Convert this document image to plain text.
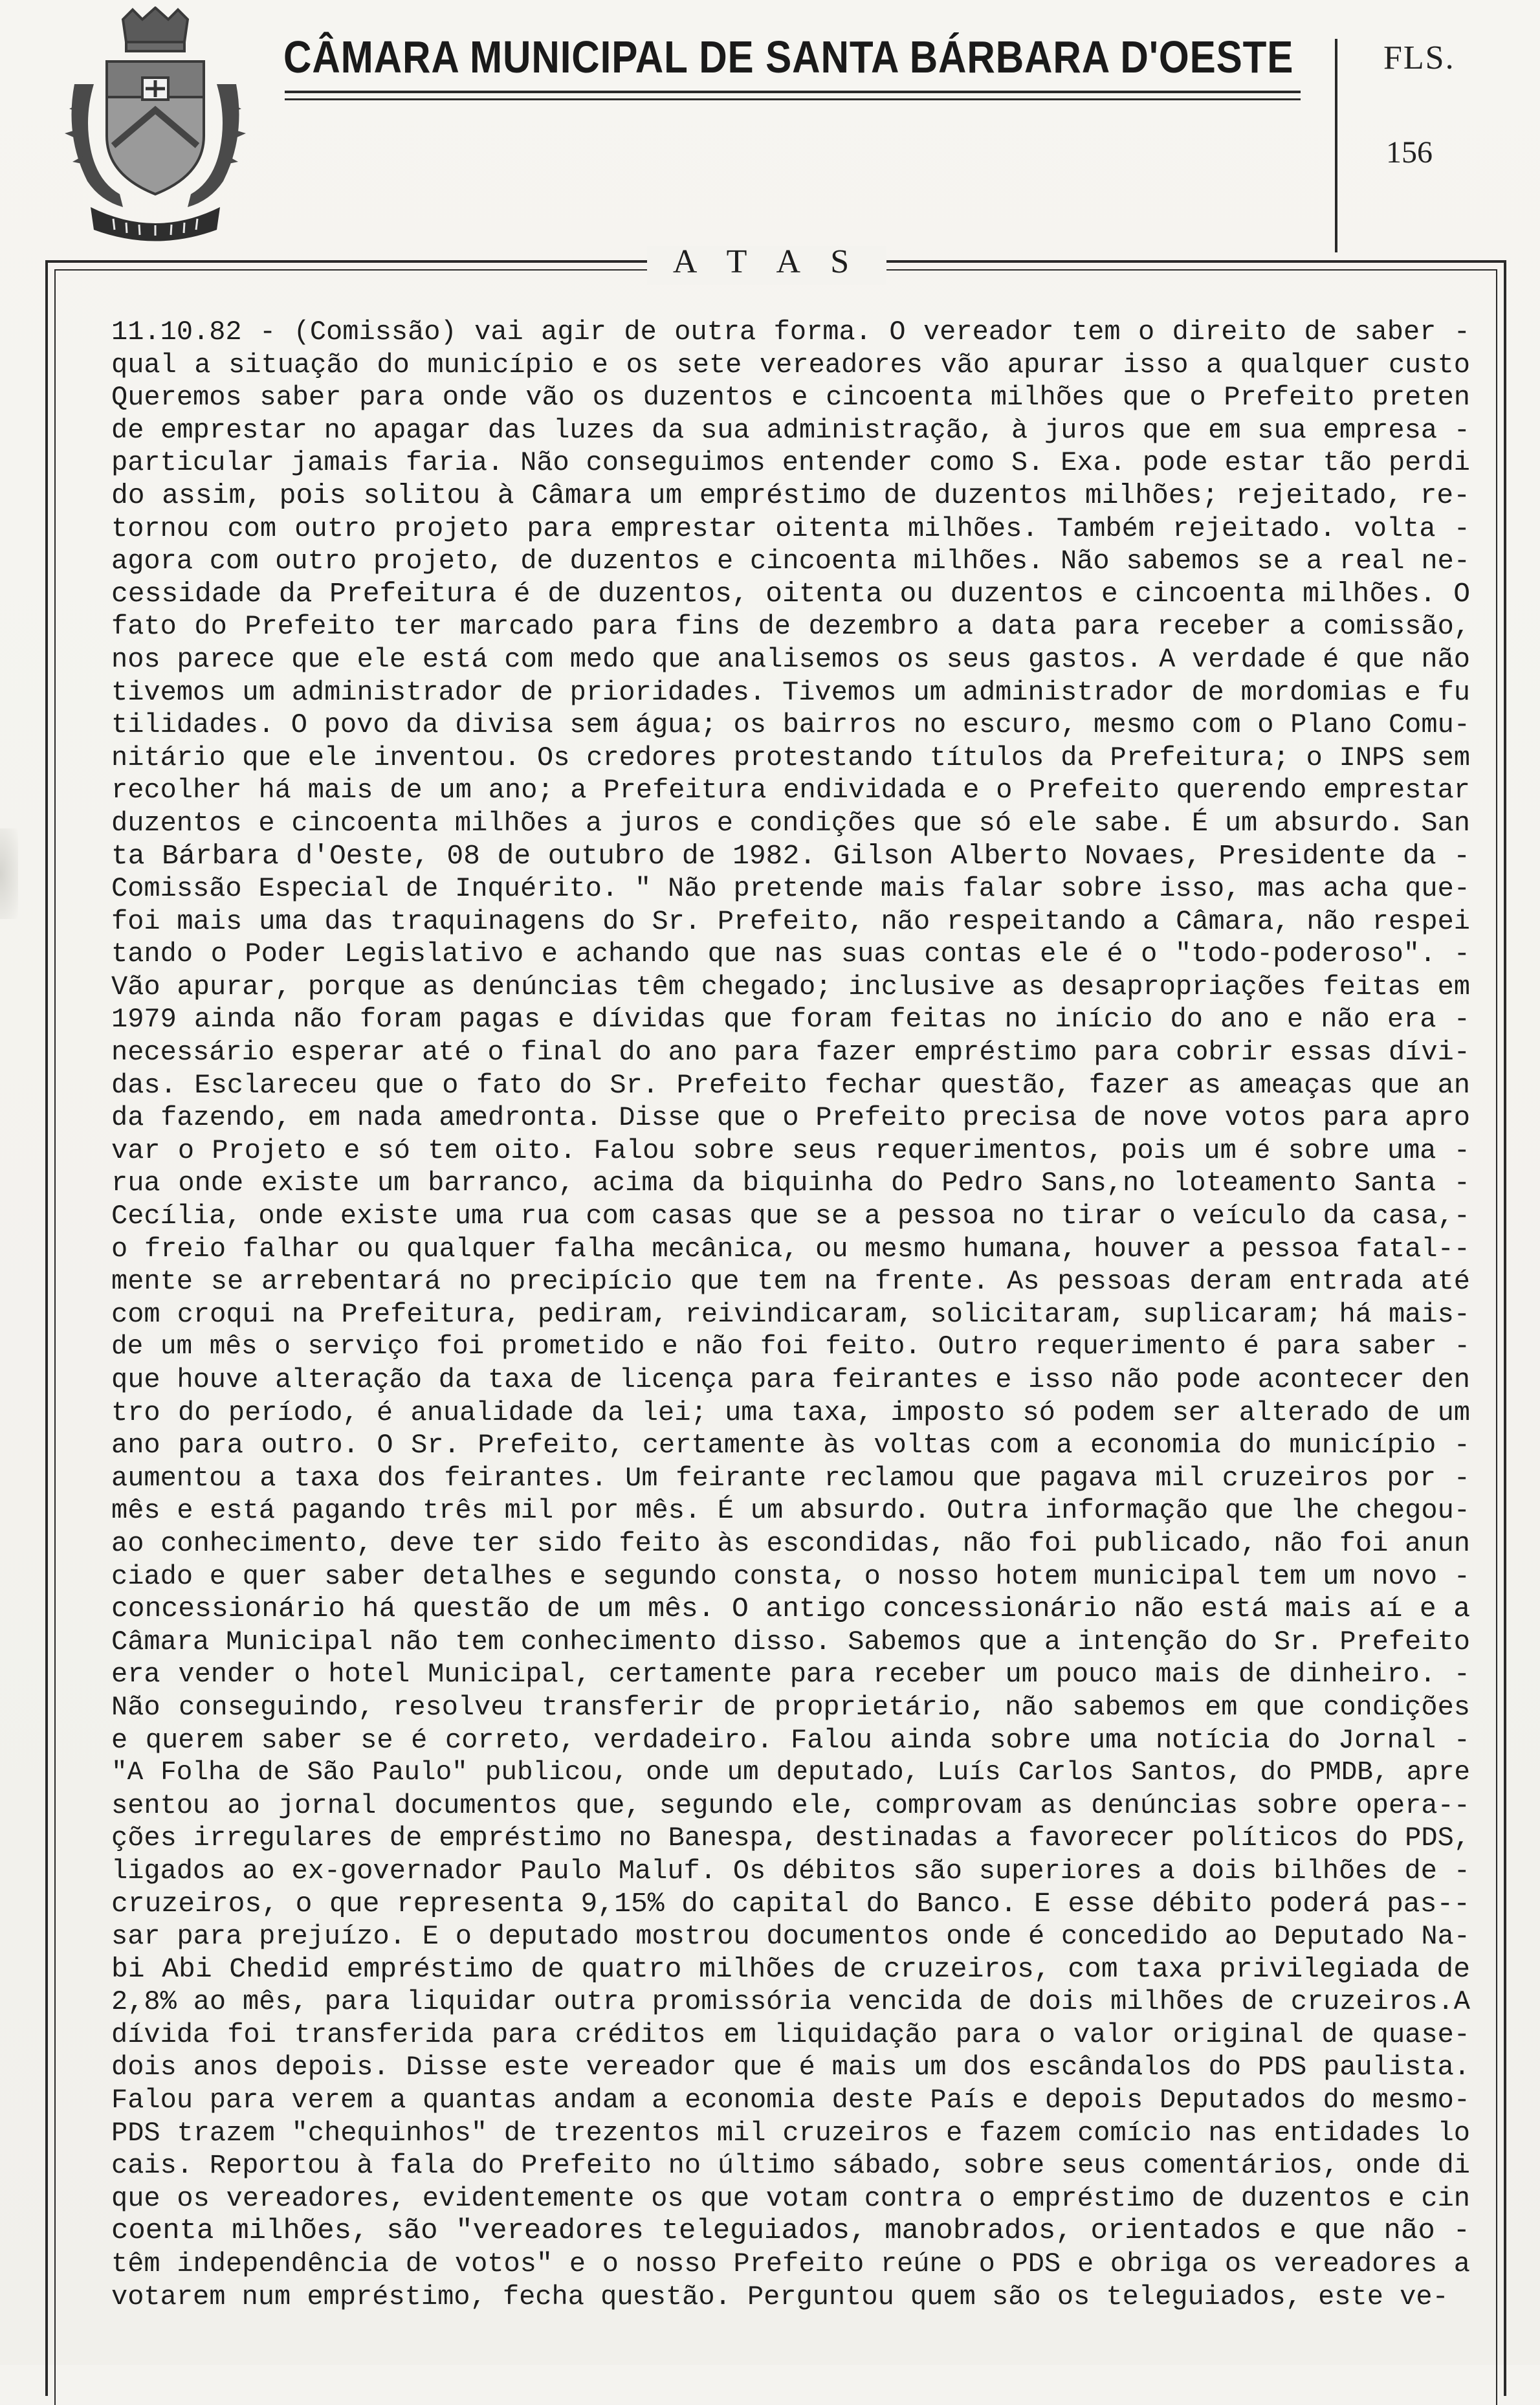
CÂMARA MUNICIPAL DE SANTA BÁRBARA D'OESTE	FLS.
156
A T A S
11.10.82 - (Comissão) vai agir de outra forma. O vereador tem o direito de saber -
qual a situação do município e os sete vereadores vão apurar isso a qualquer custo
Queremos saber para onde vão os duzentos e cincoenta milhões que o Prefeito preten
de emprestar no apagar das luzes da sua administração, à juros que em sua empresa -
particular jamais faria. Não conseguimos entender como S. Exa. pode estar tão perdi
do assim, pois solitou à Câmara um empréstimo de duzentos milhões; rejeitado, re-
tornou com outro projeto para emprestar oitenta milhões. Também rejeitado. volta -
agora com outro projeto, de duzentos e cincoenta milhões. Não sabemos se a real ne-
cessidade da Prefeitura é de duzentos, oitenta ou duzentos e cincoenta milhões. O
fato do Prefeito ter marcado para fins de dezembro a data para receber a comissão,
nos parece que ele está com medo que analisemos os seus gastos. A verdade é que não
tivemos um administrador de prioridades. Tivemos um administrador de mordomias e fu
tilidades. O povo da divisa sem água; os bairros no escuro, mesmo com o Plano Comu-
nitário que ele inventou. Os credores protestando títulos da Prefeitura; o INPS sem
recolher há mais de um ano; a Prefeitura endividada e o Prefeito querendo emprestar
duzentos e cincoenta milhões a juros e condições que só ele sabe. É um absurdo. San
ta Bárbara d'Oeste, 08 de outubro de 1982. Gilson Alberto Novaes, Presidente da -
Comissão Especial de Inquérito. " Não pretende mais falar sobre isso, mas acha que-
foi mais uma das traquinagens do Sr. Prefeito, não respeitando a Câmara, não respei
tando o Poder Legislativo e achando que nas suas contas ele é o "todo-poderoso". -
Vão apurar, porque as denúncias têm chegado; inclusive as desapropriações feitas em
1979 ainda não foram pagas e dívidas que foram feitas no início do ano e não era -
necessário esperar até o final do ano para fazer empréstimo para cobrir essas dívi-
das. Esclareceu que o fato do Sr. Prefeito fechar questão, fazer as ameaças que an
da fazendo, em nada amedronta. Disse que o Prefeito precisa de nove votos para apro
var o Projeto e só tem oito. Falou sobre seus requerimentos, pois um é sobre uma -
rua onde existe um barranco, acima da biquinha do Pedro Sans,no loteamento Santa -
Cecília, onde existe uma rua com casas que se a pessoa no tirar o veículo da casa,-
o freio falhar ou qualquer falha mecânica, ou mesmo humana, houver a pessoa fatal--
mente se arrebentará no precipício que tem na frente. As pessoas deram entrada até
com croqui na Prefeitura, pediram, reivindicaram, solicitaram, suplicaram; há mais-
de um mês o serviço foi prometido e não foi feito. Outro requerimento é para saber -
que houve alteração da taxa de licença para feirantes e isso não pode acontecer den
tro do período, é anualidade da lei; uma taxa, imposto só podem ser alterado de um
ano para outro. O Sr. Prefeito, certamente às voltas com a economia do município -
aumentou a taxa dos feirantes. Um feirante reclamou que pagava mil cruzeiros por -
mês e está pagando três mil por mês. É um absurdo. Outra informação que lhe chegou-
ao conhecimento, deve ter sido feito às escondidas, não foi publicado, não foi anun
ciado e quer saber detalhes e segundo consta, o nosso hotem municipal tem um novo -
concessionário há questão de um mês. O antigo concessionário não está mais aí e a
Câmara Municipal não tem conhecimento disso. Sabemos que a intenção do Sr. Prefeito
era vender o hotel Municipal, certamente para receber um pouco mais de dinheiro. -
Não conseguindo, resolveu transferir de proprietário, não sabemos em que condições
e querem saber se é correto, verdadeiro. Falou ainda sobre uma notícia do Jornal -
"A Folha de São Paulo" publicou, onde um deputado, Luís Carlos Santos, do PMDB, apre
sentou ao jornal documentos que, segundo ele, comprovam as denúncias sobre opera--
ções irregulares de empréstimo no Banespa, destinadas a favorecer políticos do PDS,
ligados ao ex-governador Paulo Maluf. Os débitos são superiores a dois bilhões de -
cruzeiros, o que representa 9,15% do capital do Banco. E esse débito poderá pas--
sar para prejuízo. E o deputado mostrou documentos onde é concedido ao Deputado Na-
bi Abi Chedid empréstimo de quatro milhões de cruzeiros, com taxa privilegiada de
2,8% ao mês, para liquidar outra promissória vencida de dois milhões de cruzeiros.A
dívida foi transferida para créditos em liquidação para o valor original de quase-
dois anos depois. Disse este vereador que é mais um dos escândalos do PDS paulista.
Falou para verem a quantas andam a economia deste País e depois Deputados do mesmo-
PDS trazem "chequinhos" de trezentos mil cruzeiros e fazem comício nas entidades lo
cais. Reportou à fala do Prefeito no último sábado, sobre seus comentários, onde di
que os vereadores, evidentemente os que votam contra o empréstimo de duzentos e cin
coenta milhões, são "vereadores teleguiados, manobrados, orientados e que não -
têm independência de votos" e o nosso Prefeito reúne o PDS e obriga os vereadores a
votarem num empréstimo, fecha questão. Perguntou quem são os teleguiados, este ve-
